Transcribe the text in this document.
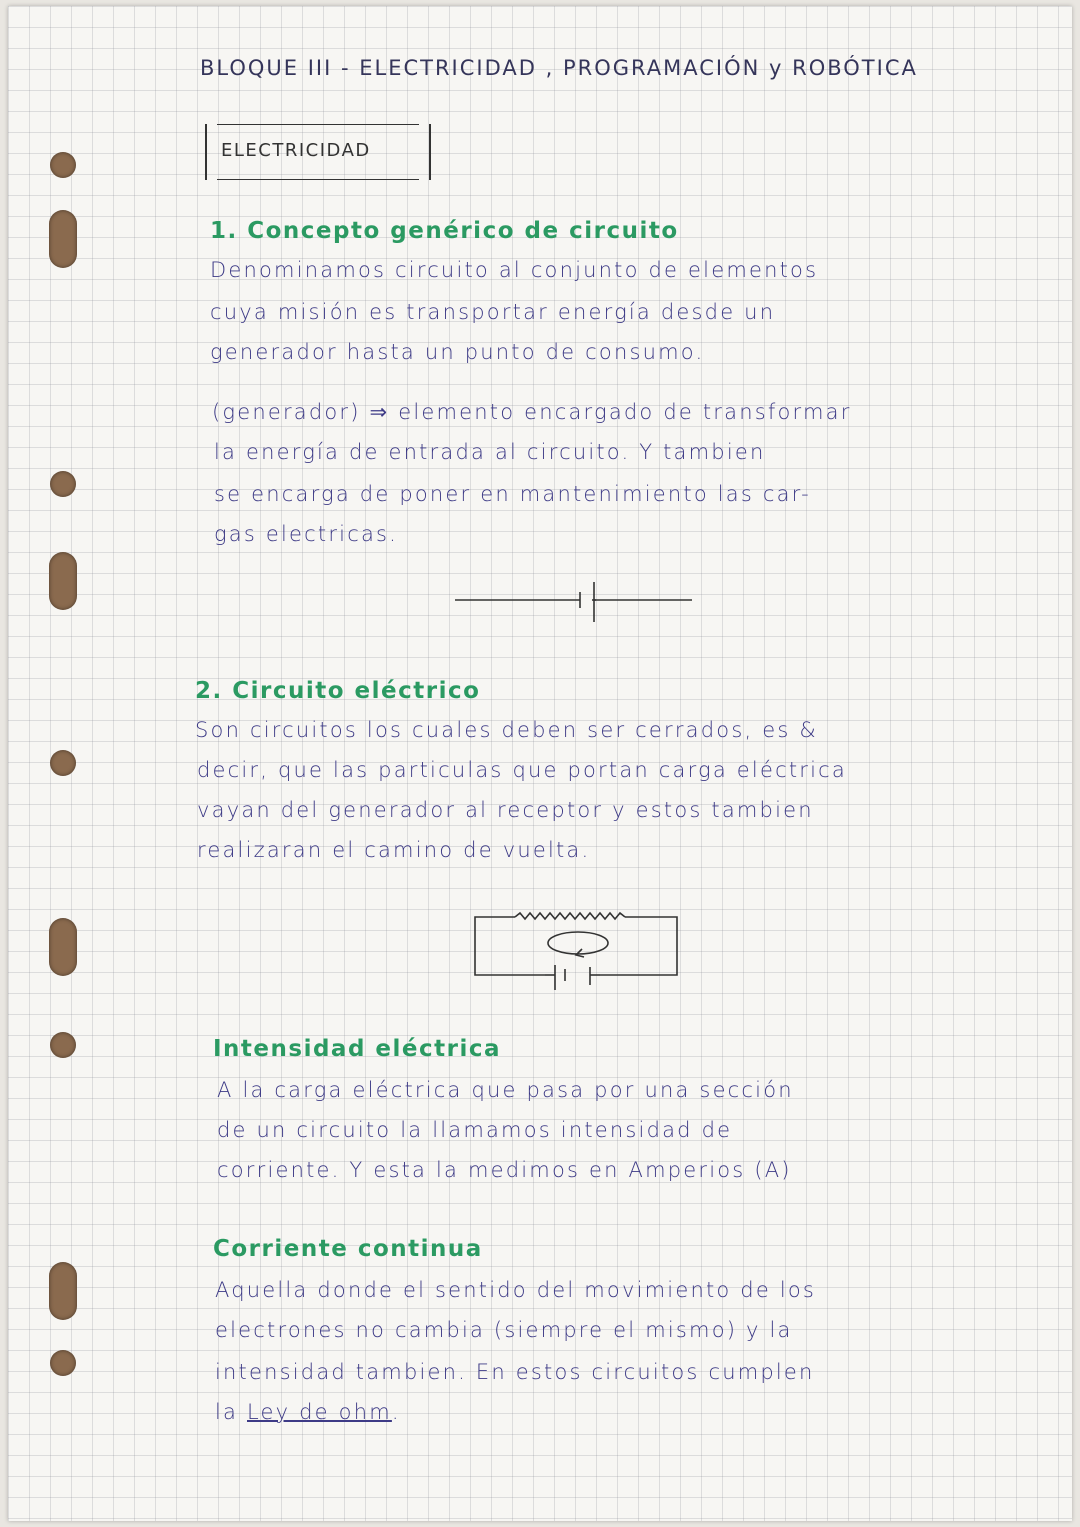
BLOQUE III - ELECTRICIDAD , PROGRAMACIÓN y ROBÓTICA
ELECTRICIDAD
1. Concepto genérico de circuito
Denominamos circuito al conjunto de elementos
cuya misión es transportar energía desde un
generador hasta un punto de consumo.
(generador) ⇒ elemento encargado de transformar
la energía de entrada al circuito. Y tambien
se encarga de poner en mantenimiento las car-
gas electricas.
2. Circuito eléctrico
Son circuitos los cuales deben ser cerrados, es &
decir, que las particulas que portan carga eléctrica
vayan del generador al receptor y estos tambien
realizaran el camino de vuelta.
Intensidad eléctrica
A la carga eléctrica que pasa por una sección
de un circuito la llamamos intensidad de
corriente. Y esta la medimos en Amperios (A)
Corriente continua
Aquella donde el sentido del movimiento de los
electrones no cambia (siempre el mismo) y la
intensidad tambien. En estos circuitos cumplen
la Ley de ohm.
